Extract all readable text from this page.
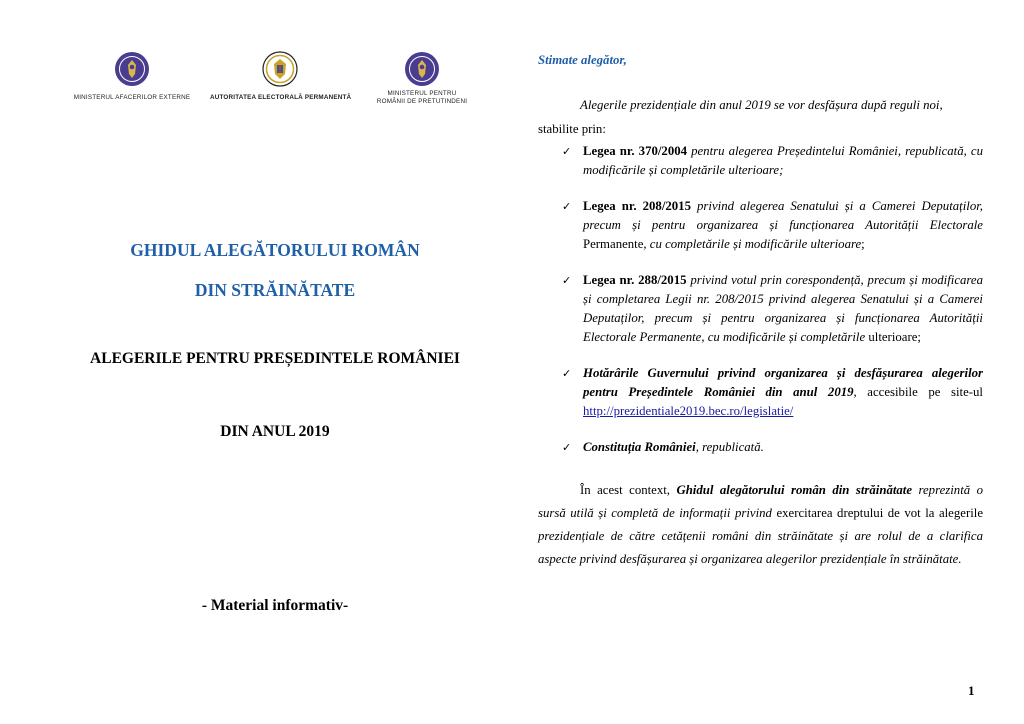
MINISTERUL AFACERILOR EXTERNE	AUTORITATEA ELECTORALĂ PERMANENTĂ
MINISTERUL PENTRU
ROMÂNII DE PRETUTINDENI
GHIDUL ALEGĂTORULUI ROMÂN
DIN STRĂINĂTATE
ALEGERILE PENTRU PREȘEDINTELE ROMÂNIEI
DIN ANUL 2019
- Material informativ-
Stimate alegător,
Alegerile prezidențiale din anul 2019 se vor desfășura după reguli noi,
stabilite prin:
✓ Legea nr. 370/2004 pentru alegerea Președintelui României, republicată, cu modificările și completările ulterioare;
✓ Legea nr. 208/2015 privind alegerea Senatului și a Camerei Deputaților, precum și pentru organizarea și funcționarea Autorității Electorale Permanente, cu completările și modificările ulterioare;
✓ Legea nr. 288/2015 privind votul prin corespondență, precum și modificarea și completarea Legii nr. 208/2015 privind alegerea Senatului și a Camerei Deputaților, precum și pentru organizarea și funcționarea Autorității Electorale Permanente, cu modificările și completările ulterioare;
✓ Hotărârile Guvernului privind organizarea și desfășurarea alegerilor pentru Președintele României din anul 2019, accesibile pe site-ul http://prezidentiale2019.bec.ro/legislatie/
✓ Constituția României, republicată.
În acest context, Ghidul alegătorului român din străinătate reprezintă o sursă utilă și completă de informații privind exercitarea dreptului de vot la alegerile prezidențiale de către cetățenii români din străinătate și are rolul de a clarifica aspecte privind desfășurarea și organizarea alegerilor prezidențiale în străinătate.
1
